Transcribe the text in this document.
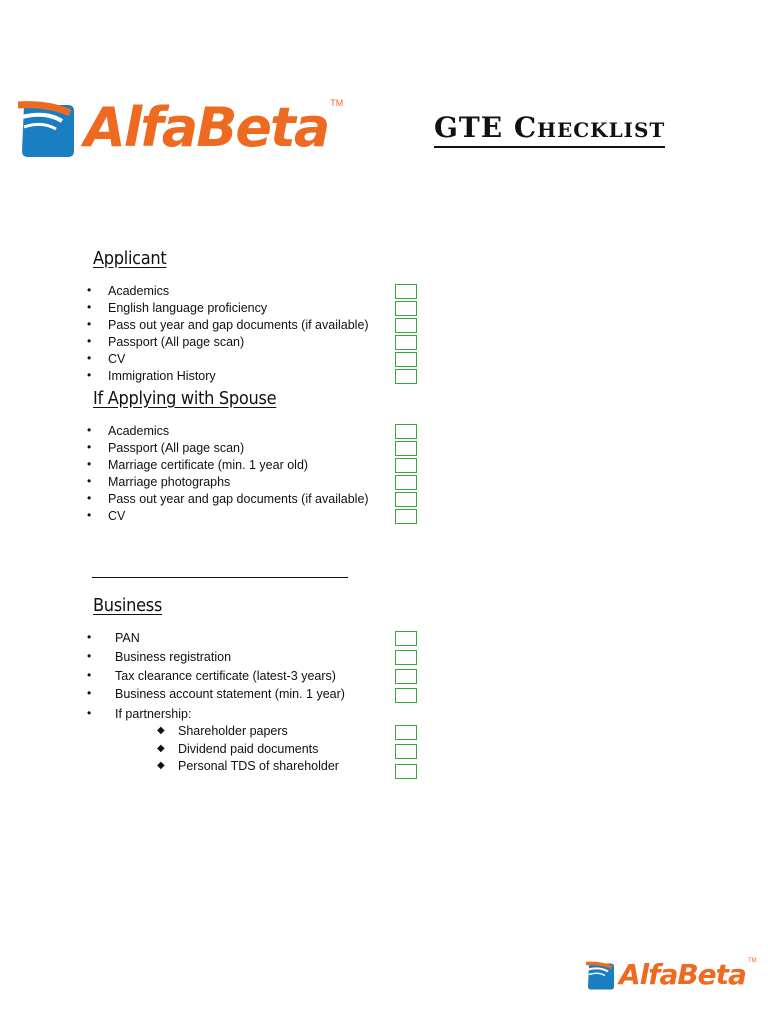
AlfaBeta TM
GTE Checklist
Applicant
Academics
English language proficiency
Pass out year and gap documents (if available)
Passport (All page scan)
CV
Immigration History
•
•
•
•
•
•
If Applying with Spouse
Academics
Passport (All page scan)
Marriage certificate (min. 1 year old)
Marriage photographs
Pass out year and gap documents (if available)
CV
•
•
•
•
•
•
Business
PAN
Business registration
Tax clearance certificate (latest-3 years)
Business account statement (min. 1 year)
If partnership:
Shareholder papers
Dividend paid documents
Personal TDS of shareholder
•
•
•
•
•
◆
◆
◆
AlfaBeta TM
